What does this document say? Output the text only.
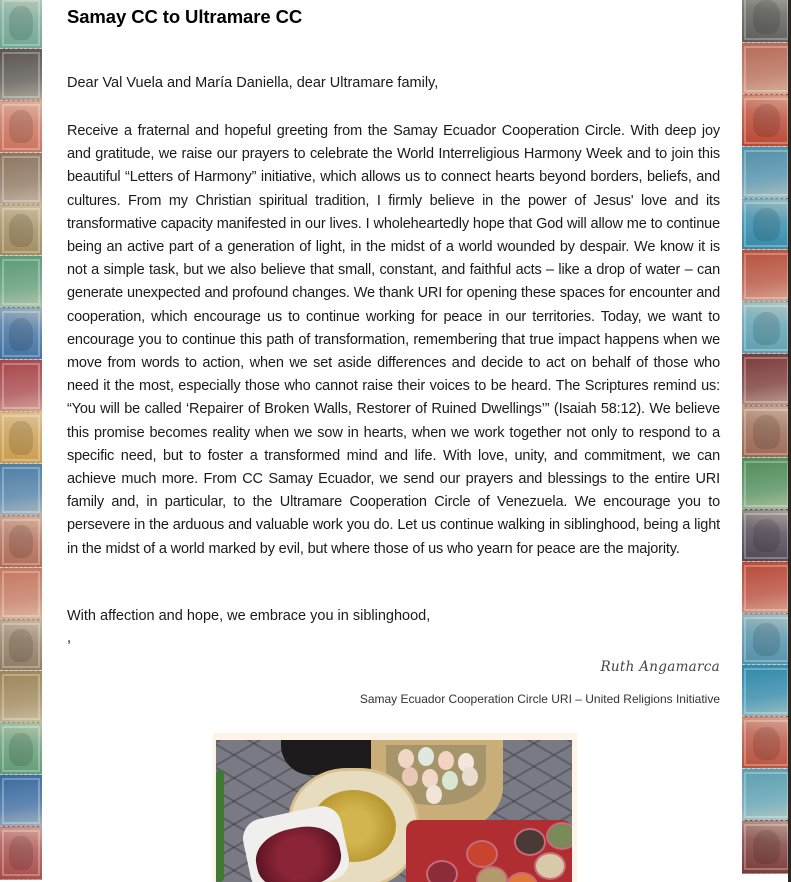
Samay CC to Ultramare CC
Dear Val Vuela and María Daniella, dear Ultramare family,
Receive a fraternal and hopeful greeting from the Samay Ecuador Cooperation Circle. With deep joy and gratitude, we raise our prayers to celebrate the World Interreligious Harmony Week and to join this beautiful “Letters of Harmony” initiative, which allows us to connect hearts beyond borders, beliefs, and cultures. From my Christian spiritual tradition, I firmly believe in the power of Jesus' love and its transformative capacity manifested in our lives. I wholeheartedly hope that God will allow me to continue being an active part of a generation of light, in the midst of a world wounded by despair. We know it is not a simple task, but we also believe that small, constant, and faithful acts – like a drop of water – can generate unexpected and profound changes. We thank URI for opening these spaces for encounter and cooperation, which encourage us to continue working for peace in our territories. Today, we want to encourage you to continue this path of transformation, remembering that true impact happens when we move from words to action, when we set aside differences and decide to act on behalf of those who need it the most, especially those who cannot raise their voices to be heard. The Scriptures remind us: “You will be called ‘Repairer of Broken Walls, Restorer of Ruined Dwellings’” (Isaiah 58:12). We believe this promise becomes reality when we sow in hearts, when we work together not only to respond to a specific need, but to foster a transformed mind and life. With love, unity, and commitment, we can achieve much more. From CC Samay Ecuador, we send our prayers and blessings to the entire URI family and, in particular, to the Ultramare Cooperation Circle of Venezuela. We encourage you to persevere in the arduous and valuable work you do. Let us continue walking in siblinghood, being a light in the midst of a world marked by evil, but where those of us who yearn for peace are the majority.
With affection and hope, we embrace you in siblinghood,
,
Ruth Angamarca
Samay Ecuador Cooperation Circle URI – United Religions Initiative
